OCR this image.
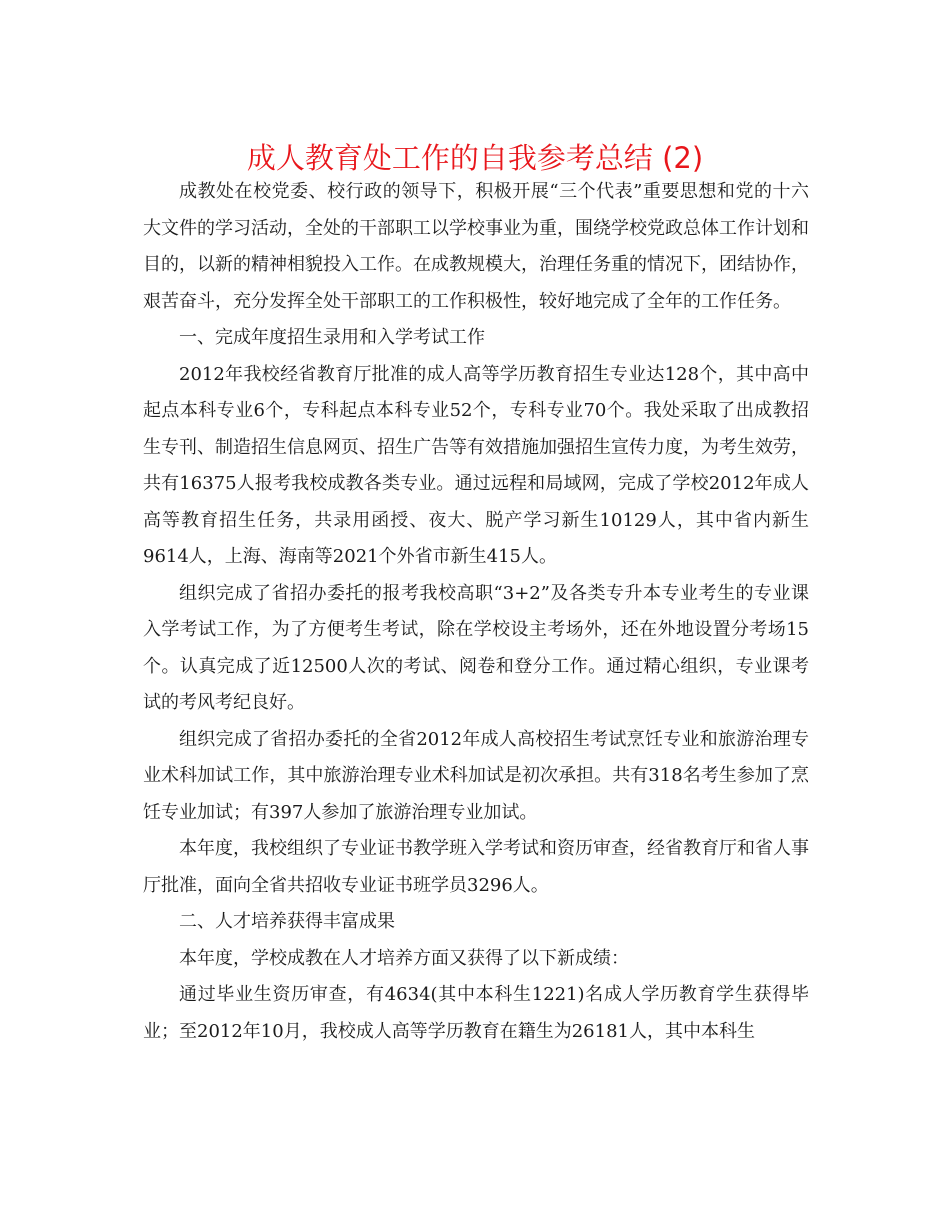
成人教育处工作的自我参考总结 (2)

成教处在校党委、校行政的领导下，积极开展“三个代表”重要思想和党的十六大文件的学习活动，全处的干部职工以学校事业为重，围绕学校党政总体工作计划和目的，以新的精神相貌投入工作。在成教规模大，治理任务重的情况下，团结协作，艰苦奋斗，充分发挥全处干部职工的工作积极性，较好地完成了全年的工作任务。

一、完成年度招生录用和入学考试工作

2012年我校经省教育厅批准的成人高等学历教育招生专业达128个，其中高中起点本科专业6个，专科起点本科专业52个，专科专业70个。我处采取了出成教招生专刊、制造招生信息网页、招生广告等有效措施加强招生宣传力度，为考生效劳，共有16375人报考我校成教各类专业。通过远程和局域网，完成了学校2012年成人高等教育招生任务，共录用函授、夜大、脱产学习新生10129人，其中省内新生9614人，上海、海南等2021个外省市新生415人。

组织完成了省招办委托的报考我校高职“3+2”及各类专升本专业考生的专业课入学考试工作，为了方便考生考试，除在学校设主考场外，还在外地设置分考场15个。认真完成了近12500人次的考试、阅卷和登分工作。通过精心组织，专业课考试的考风考纪良好。

组织完成了省招办委托的全省2012年成人高校招生考试烹饪专业和旅游治理专业术科加试工作，其中旅游治理专业术科加试是初次承担。共有318名考生参加了烹饪专业加试；有397人参加了旅游治理专业加试。

本年度，我校组织了专业证书教学班入学考试和资历审查，经省教育厅和省人事厅批准，面向全省共招收专业证书班学员3296人。

二、人才培养获得丰富成果

本年度，学校成教在人才培养方面又获得了以下新成绩：

通过毕业生资历审查，有4634(其中本科生1221)名成人学历教育学生获得毕业；至2012年10月，我校成人高等学历教育在籍生为26181人，其中本科生
